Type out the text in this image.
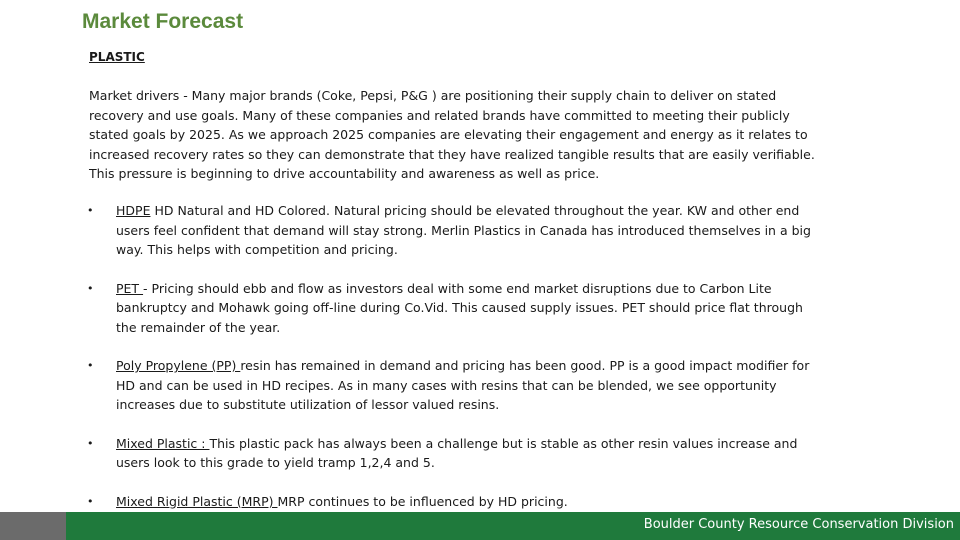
Market Forecast
PLASTIC

Market drivers - Many major brands (Coke, Pepsi, P&G ) are positioning their supply chain to deliver on stated recovery and use goals. Many of these companies and related brands have committed to meeting their publicly stated goals by 2025. As we approach 2025 companies are elevating their engagement and energy as it relates to increased recovery rates so they can demonstrate that they have realized tangible results that are easily verifiable. This pressure is beginning to drive accountability and awareness as well as price.

• HDPE HD Natural and HD Colored. Natural pricing should be elevated throughout the year. KW and other end users feel confident that demand will stay strong. Merlin Plastics in Canada has introduced themselves in a big way. This helps with competition and pricing.
• PET - Pricing should ebb and flow as investors deal with some end market disruptions due to Carbon Lite bankruptcy and Mohawk going off-line during Co.Vid. This caused supply issues. PET should price flat through the remainder of the year.
• Poly Propylene (PP) resin has remained in demand and pricing has been good. PP is a good impact modifier for HD and can be used in HD recipes. As in many cases with resins that can be blended, we see opportunity increases due to substitute utilization of lessor valued resins.
• Mixed Plastic : This plastic pack has always been a challenge but is stable as other resin values increase and users look to this grade to yield tramp 1,2,4 and 5.
• Mixed Rigid Plastic (MRP) MRP continues to be influenced by HD pricing.
Boulder County Resource Conservation Division
